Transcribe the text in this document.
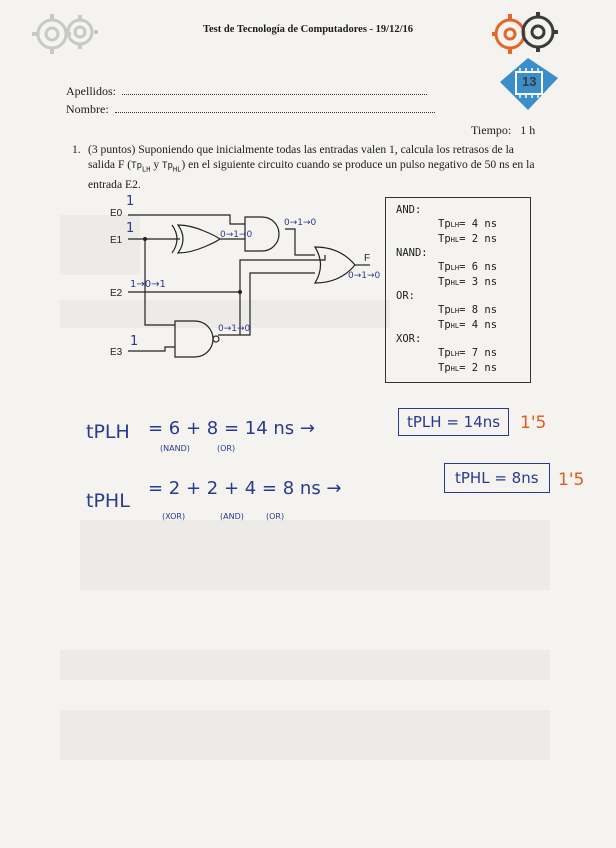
13
Test de Tecnología de Computadores - 19/12/16
Apellidos:
Nombre:
Tiempo: 1 h
1. (3 puntos) Suponiendo que inicialmente todas las entradas valen 1, calcula los retrasos de la salida F ($Tp_{LH}$ y $Tp_{HL}$) en el siguiente circuito cuando se produce un pulso negativo de 50 ns en la entrada E2.
E0
E1
E2
E3
F
1
1
1→0→1
1
0→1→0
0→1→0
0→1→0
0→1→0
AND:
TpLH= 4 ns
TpHL= 2 ns
NAND:
TpLH= 6 ns
TpHL= 3 ns
OR:
TpLH= 8 ns
TpHL= 4 ns
XOR:
TpLH= 7 ns
TpHL= 2 ns
tPLH = 6 + 8 = 14 ns →
(NAND)	(OR)
tPLH = 14ns	1'5
tPHL
= 2 + 2 + 4 = 8 ns →
(XOR)	(AND)	(OR)
tPHL = 8ns	1'5
